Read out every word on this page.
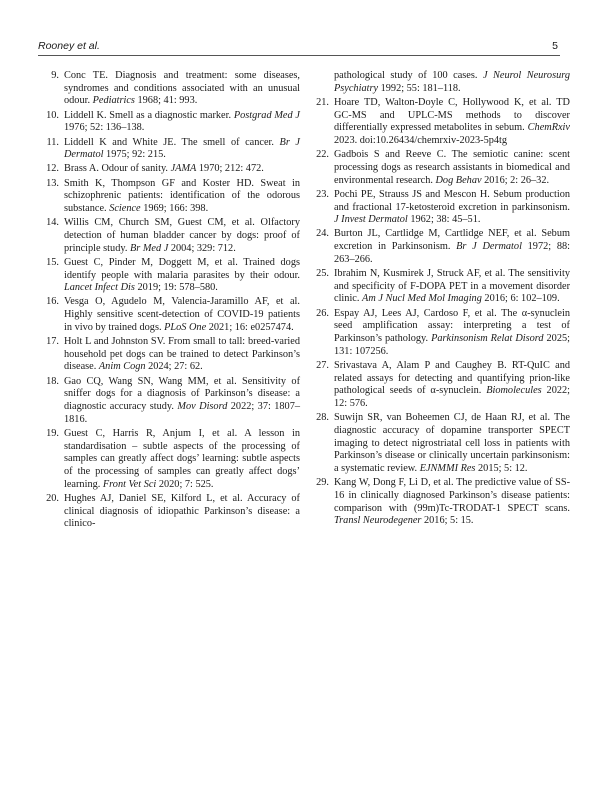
Rooney et al.	5
9. Conc TE. Diagnosis and treatment: some diseases, syndromes and conditions associated with an unusual odour. Pediatrics 1968; 41: 993.
10. Liddell K. Smell as a diagnostic marker. Postgrad Med J 1976; 52: 136–138.
11. Liddell K and White JE. The smell of cancer. Br J Dermatol 1975; 92: 215.
12. Brass A. Odour of sanity. JAMA 1970; 212: 472.
13. Smith K, Thompson GF and Koster HD. Sweat in schizophrenic patients: identification of the odorous substance. Science 1969; 166: 398.
14. Willis CM, Church SM, Guest CM, et al. Olfactory detection of human bladder cancer by dogs: proof of principle study. Br Med J 2004; 329: 712.
15. Guest C, Pinder M, Doggett M, et al. Trained dogs identify people with malaria parasites by their odour. Lancet Infect Dis 2019; 19: 578–580.
16. Vesga O, Agudelo M, Valencia-Jaramillo AF, et al. Highly sensitive scent-detection of COVID-19 patients in vivo by trained dogs. PLoS One 2021; 16: e0257474.
17. Holt L and Johnston SV. From small to tall: breed-varied household pet dogs can be trained to detect Parkinson’s disease. Anim Cogn 2024; 27: 62.
18. Gao CQ, Wang SN, Wang MM, et al. Sensitivity of sniffer dogs for a diagnosis of Parkinson’s disease: a diagnostic accuracy study. Mov Disord 2022; 37: 1807–1816.
19. Guest C, Harris R, Anjum I, et al. A lesson in standardisation – subtle aspects of the processing of samples can greatly affect dogs’ learning: subtle aspects of the processing of samples can greatly affect dogs’ learning. Front Vet Sci 2020; 7: 525.
20. Hughes AJ, Daniel SE, Kilford L, et al. Accuracy of clinical diagnosis of idiopathic Parkinson’s disease: a clinico-
pathological study of 100 cases. J Neurol Neurosurg Psychiatry 1992; 55: 181–118.
21. Hoare TD, Walton-Doyle C, Hollywood K, et al. TD GC-MS and UPLC-MS methods to discover differentially expressed metabolites in sebum. ChemRxiv 2023. doi:10.26434/chemrxiv-2023-5p4tg
22. Gadbois S and Reeve C. The semiotic canine: scent processing dogs as research assistants in biomedical and environmental research. Dog Behav 2016; 2: 26–32.
23. Pochi PE, Strauss JS and Mescon H. Sebum production and fractional 17-ketosteroid excretion in parkinsonism. J Invest Dermatol 1962; 38: 45–51.
24. Burton JL, Cartlidge M, Cartlidge NEF, et al. Sebum excretion in Parkinsonism. Br J Dermatol 1972; 88: 263–266.
25. Ibrahim N, Kusmirek J, Struck AF, et al. The sensitivity and specificity of F-DOPA PET in a movement disorder clinic. Am J Nucl Med Mol Imaging 2016; 6: 102–109.
26. Espay AJ, Lees AJ, Cardoso F, et al. The α-synuclein seed amplification assay: interpreting a test of Parkinson’s pathology. Parkinsonism Relat Disord 2025; 131: 107256.
27. Srivastava A, Alam P and Caughey B. RT-QuIC and related assays for detecting and quantifying prion-like pathological seeds of α-synuclein. Biomolecules 2022; 12: 576.
28. Suwijn SR, van Boheemen CJ, de Haan RJ, et al. The diagnostic accuracy of dopamine transporter SPECT imaging to detect nigrostriatal cell loss in patients with Parkinson’s disease or clinically uncertain parkinsonism: a systematic review. EJNMMI Res 2015; 5: 12.
29. Kang W, Dong F, Li D, et al. The predictive value of SS-16 in clinically diagnosed Parkinson’s disease patients: comparison with (99m)Tc-TRODAT-1 SPECT scans. Transl Neurodegener 2016; 5: 15.
